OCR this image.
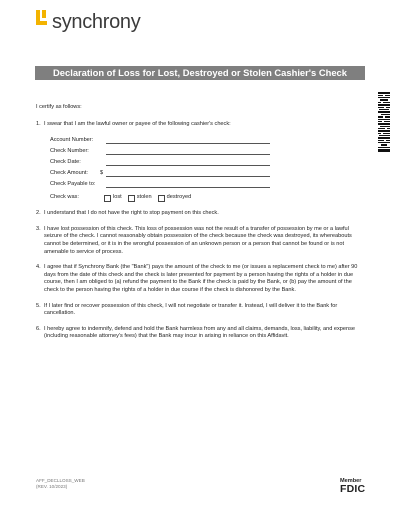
synchrony
Declaration of Loss for Lost, Destroyed or Stolen Cashier's Check

I certify as follows:

1. I swear that I am the lawful owner or payee of the following cashier's check:
Account Number:
Check Number:
Check Date:
Check Amount:	$
Check Payable to:
Check was:	lost	stolen	destroyed
2. I understand that I do not have the right to stop payment on this check.
3. I have lost possession of this check. This loss of possession was not the result of a transfer of possession by me or a lawful seizure of the check. I cannot reasonably obtain possession of the check because the check was destroyed, its whereabouts cannot be determined, or it is in the wrongful possession of an unknown person or a person that cannot be found or is not amenable to service of process.
4. I agree that if Synchrony Bank (the "Bank") pays the amount of the check to me (or issues a replacement check to me) after 90 days from the date of this check and the check is later presented for payment by a person having the rights of a holder in due course, then I am obliged to (a) refund the payment to the Bank if the check is paid by the Bank, or (b) pay the amount of the check to the person having the rights of a holder in due course if the check is dishonored by the Bank.
5. If I later find or recover possession of this check, I will not negotiate or transfer it. Instead, I will deliver it to the Bank for cancellation.
6. I hereby agree to indemnify, defend and hold the Bank harmless from any and all claims, demands, loss, liability, and expense (including reasonable attorney's fees) that the Bank may incur in arising in reliance on this Affidavit.
AFF_DECLLOSS_WEB
(REV. 10/2023)
Member
FDIC
